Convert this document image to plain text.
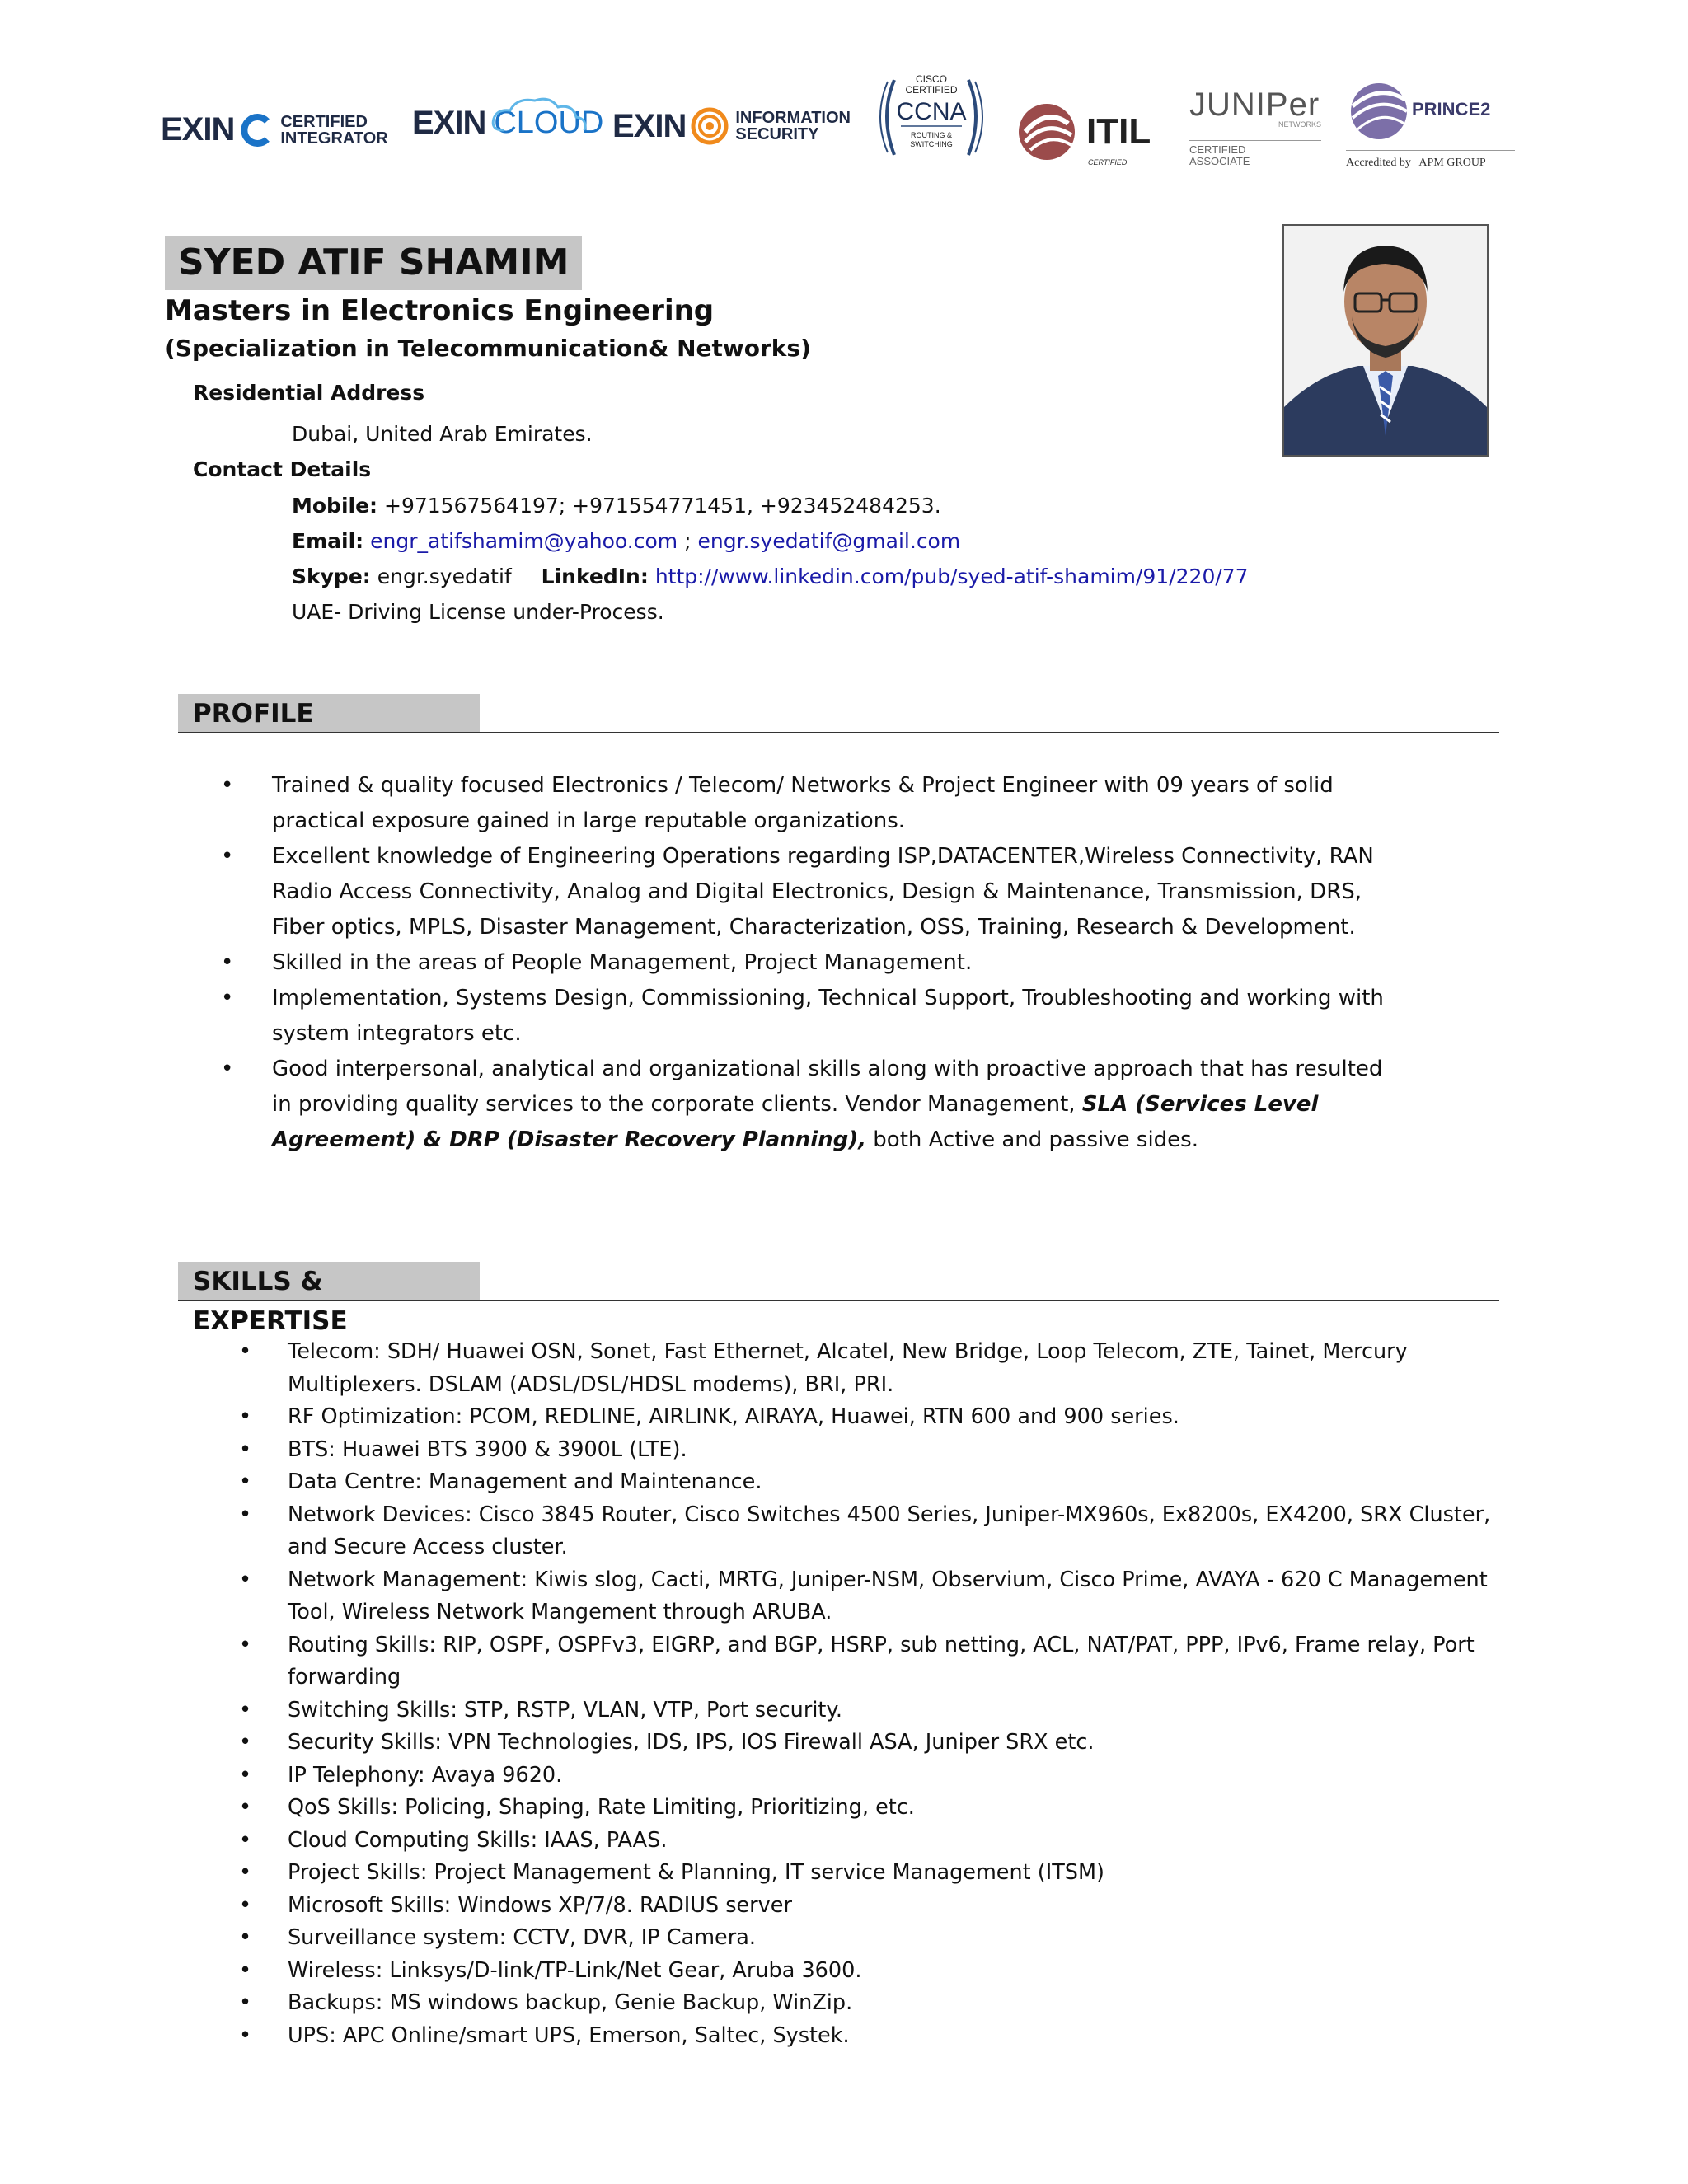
EXIN	CERTIFIED
INTEGRATOR EXIN CLOUD EXIN	INFORMATION
SECURITY
CISCO
CERTIFIED
CCNA
ROUTING &
SWITCHING	ITIL
CERTIFIED
JUNIPer
NETWORKS
CERTIFIED
ASSOCIATE
PRINCE2
Accredited by APM GROUP
SYED ATIF SHAMIM
Masters in Electronics Engineering
(Specialization in Telecommunication& Networks)
Residential Address
Dubai, United Arab Emirates.
Contact Details
Mobile: +971567564197; +971554771451, +923452484253.
Email: engr_atifshamim@yahoo.com ; engr.syedatif@gmail.com
Skype: engr.syedatif LinkedIn: http://www.linkedin.com/pub/syed-atif-shamim/91/220/77
UAE- Driving License under-Process.
PROFILE
• Trained & quality focused Electronics / Telecom/ Networks & Project Engineer with 09 years of solid practical exposure gained in large reputable organizations.
• Excellent knowledge of Engineering Operations regarding ISP,DATACENTER,Wireless Connectivity, RAN Radio Access Connectivity, Analog and Digital Electronics, Design & Maintenance, Transmission, DRS, Fiber optics, MPLS, Disaster Management, Characterization, OSS, Training, Research & Development.
• Skilled in the areas of People Management, Project Management.
• Implementation, Systems Design, Commissioning, Technical Support, Troubleshooting and working with system integrators etc.
• Good interpersonal, analytical and organizational skills along with proactive approach that has resulted in providing quality services to the corporate clients. Vendor Management, SLA (Services Level Agreement) & DRP (Disaster Recovery Planning), both Active and passive sides.
SKILLS & EXPERTISE
• Telecom: SDH/ Huawei OSN, Sonet, Fast Ethernet, Alcatel, New Bridge, Loop Telecom, ZTE, Tainet, Mercury Multiplexers. DSLAM (ADSL/DSL/HDSL modems), BRI, PRI.
• RF Optimization: PCOM, REDLINE, AIRLINK, AIRAYA, Huawei, RTN 600 and 900 series.
• BTS: Huawei BTS 3900 & 3900L (LTE).
• Data Centre: Management and Maintenance.
• Network Devices: Cisco 3845 Router, Cisco Switches 4500 Series, Juniper-MX960s, Ex8200s, EX4200, SRX Cluster, and Secure Access cluster.
• Network Management: Kiwis slog, Cacti, MRTG, Juniper-NSM, Observium, Cisco Prime, AVAYA - 620 C Management Tool, Wireless Network Mangement through ARUBA.
• Routing Skills: RIP, OSPF, OSPFv3, EIGRP, and BGP, HSRP, sub netting, ACL, NAT/PAT, PPP, IPv6, Frame relay, Port forwarding
• Switching Skills: STP, RSTP, VLAN, VTP, Port security.
• Security Skills: VPN Technologies, IDS, IPS, IOS Firewall ASA, Juniper SRX etc.
• IP Telephony: Avaya 9620.
• QoS Skills: Policing, Shaping, Rate Limiting, Prioritizing, etc.
• Cloud Computing Skills: IAAS, PAAS.
• Project Skills: Project Management & Planning, IT service Management (ITSM)
• Microsoft Skills: Windows XP/7/8. RADIUS server
• Surveillance system: CCTV, DVR, IP Camera.
• Wireless: Linksys/D-link/TP-Link/Net Gear, Aruba 3600.
• Backups: MS windows backup, Genie Backup, WinZip.
• UPS: APC Online/smart UPS, Emerson, Saltec, Systek.
